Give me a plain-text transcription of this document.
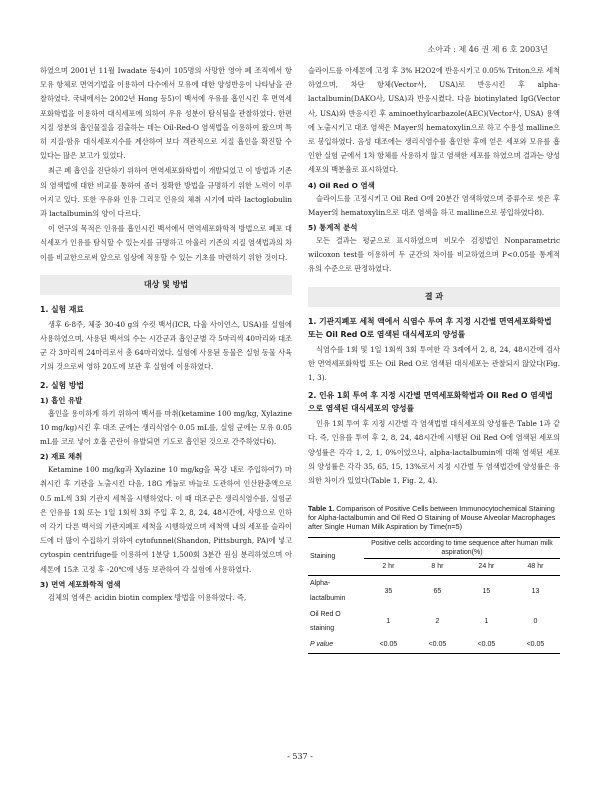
소아과 : 제 46 권 제 6 호 2003년

하였으며 2001년 11월 Iwadate 등4)이 105명의 사망한 영아 폐 조직에서 항 모유 항체로 면역기법을 이용하여 다수에서 모유에 대한 양성반응이 나타남을 관찰하였다. 국내에서는 2002년 Hong 등5)이 백서에 우유를 흡인시킨 후 면역세포화학법을 이용하여 대식세포에 의하여 우유 성분이 탐식됨을 관찰하였다. 한편 지질 성분의 흡인물질을 검출하는 데는 Oil-Red-O 염색법을 이용하여 왔으며 특히 지질-함유 대식세포지수를 계산하여 보다 객관적으로 지질 흡인을 확진할 수 있다는 많은 보고가 있었다.

최근 폐 흡인을 진단하기 위하여 면역세포화학법이 개발되었고 이 방법과 기존의 염색법에 대한 비교를 통하여 좀더 정확한 방법을 규명하기 위한 노력이 이루어지고 있다. 또한 우유와 인유 그리고 인유의 체취 시기에 따라 lactoglobulin과 lactalbumin의 양이 다르다.

이 연구의 목적은 인유를 흡인시킨 백서에서 면역세포화학적 방법으로 폐포 대식세포가 인유를 탐식할 수 있는지를 규명하고 아울러 기존의 지질 염색법과의 차이를 비교한으로써 앞으로 임상에 적용할 수 있는 기초를 마련하기 위한 것이다.

대상 및 방법
1. 실험 재료

생후 6-8주, 체중 30-40 g의 수컷 백서(ICR, 다울 사이언스, USA)를 실험에 사용하였으며, 사용된 백서의 수는 시간군과 흡인군별 각 5마리씩 40마리와 대조군 각 3마리씩 24마리로서 총 64마리였다. 실험에 사용된 동물은 실험 동물 사육기의 것으로써 영하 20도에 보관 후 실험에 이용하였다.

2. 실험 방법
1) 흡인 유발

흡인을 용이하게 하기 위하여 백서를 마취(ketamine 100 mg/kg, Xylazine 10 mg/kg)시킨 후 대조 군에는 생리식염수 0.05 mL를, 실험 군에는 모유 0.05 mL를 코로 넣어 호흡 곤란이 유발되면 기도로 흡인된 것으로 간주하였다6).

2) 재료 채취

Ketamine 100 mg/kg과 Xylazine 10 mg/kg을 복강 내로 주입하여7) 마취시킨 후 기관을 노출시킨 다음, 18G 캐뉼로 바늘로 도관하여 인산완충액으로 0.5 mL씩 3회 기관지 세척을 시행하였다. 이 때 대조군은 생리식염수를, 실험군은 인유를 1회 또는 1일 1회씩 3회 주입 후 2, 8, 24, 48시간에, 사망으로 인하여 각기 다른 백서의 기관지폐포 세척을 시행하였으며 세척액 내의 세포를 슬라이드에 더 많이 수집하기 위하여 cytofunnel(Shandon, Pittsburgh, PA)에 넣고 cytospin centrifuge를 이용하여 1분당 1,500회 3분간 원심 분리하였으며 아세톤에 15초 고정 후 -20℃에 냉동 보관하여 각 실험에 사용하였다.

3) 면역 세포화학적 염색

검체의 염색은 acidin biotin complex 방법을 이용하였다. 즉,

슬라이드를 아세톤에 고정 후 3% H2O2에 반응시키고 0.05% Triton으로 세척하였으며, 차단 항체(Vector사, USA)로 반응시킨 후 alpha-lactalbumin(DAKO사, USA)과 반응시켰다. 다음 biotinylated IgG(Vector사, USA)와 반응시킨 후 aminoethylcarbazole(AEC)(Vector사, USA) 용액에 노출시키고 대조 염색은 Mayer의 hematoxylin으로 하고 수용성 malline으로 봉입하였다. 음성 대조에는 생리식염수를 흡인한 후에 얻은 세포와 모유를 흡인한 실험 군에서 1차 항체를 사용하지 않고 염색한 세포를 하였으며 결과는 양성세포의 백분율로 표시하였다.

4) Oil Red O 염색

슬라이드를 고정시키고 Oil Red O에 20분간 염색하였으며 증류수로 씻은 후 Mayer의 hematoxylin으로 대조 염색을 하고 malline으로 봉입하였다8).

5) 통계적 분석

모든 결과는 평균으로 표시하였으며 비모수 검정법인 Nonparametric wilcoxon test를 이용하여 두 군간의 차이를 비교하였으며 P<0.05를 통계적 유의 수준으로 판정하였다.

결 과
1. 기관지폐포 세척 액에서 식염수 투여 후 지정 시간별 면역세포화학법 또는 Oil Red O로 염색된 대식세포의 양성률

식염수를 1회 및 1일 1회씩 3회 투여한 각 3례에서 2, 8, 24, 48시간에 검사한 면역세포화학법 또는 Oil Red O로 염색된 대식세포는 관찰되지 않았다(Fig. 1, 3).

2. 인유 1회 투여 후 지정 시간별 면역세포화학법과 Oil Red O 염색법으로 염색된 대식세포의 양성률

인유 1회 투여 후 지정 시간별 각 염색법별 대식세포의 양성률은 Table 1과 같다. 즉, 인유를 투여 후 2, 8, 24, 48시간에 시행된 Oil Red O에 염색된 세포의 양성률은 각각 1, 2, 1, 0%이었으나, alpha-lactalbumin에 대해 염색된 세포의 양성률은 각각 35, 65, 15, 13%로서 지정 시간별 두 염색법간에 양성률은 유의한 차이가 있었다(Table 1, Fig. 2, 4).

Table 1. Comparison of Positive Cells between Immunocytochemical Staining for Alpha-lactalbumin and Oil Red O Staining of Mouse Alveolar Macrophages after Single Human Milk Aspiration by Time(n=5)
Staining	Positive cells according to time sequence after human milk aspiration(%)			
	2 hr	8 hr	24 hr	48 hr
Alpha-lactalbumin	35	65	15	13
Oil Red O staining	1	2	1	0
P value	<0.05	<0.05	<0.05	<0.05
- 537 -
